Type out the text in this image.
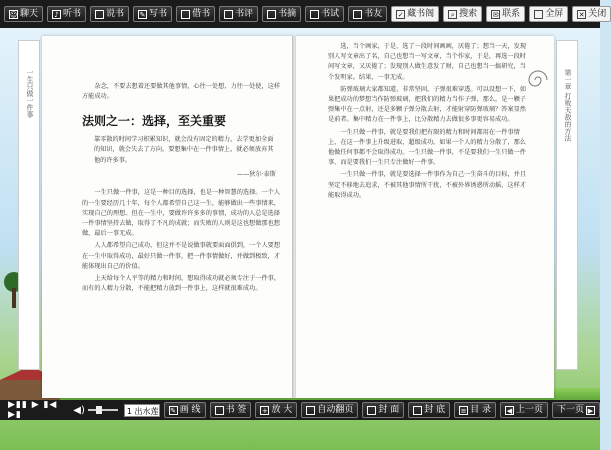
☺ 聊天	♪ 听书	说书 ✎ 写书	借书	书评	书摘	书试	书友 ✓ 藏书阁	⌕ 搜索 ✉ 联系	全屏 ✕ 关闭
一生只做一件事	第一章 打败天敌的方法
杂念，不要去想着还要做其他事情，心往一处想，力往一处使，这样方能成功。
法则之一：选择，至关重要
靠零散的时间学习积累知识，就会没有固定的精力，去学更加全面的知识，就会失去了方向。要想集中在一件事情上，就必须放弃其他的许多事。
——狄尔·泰斯
一生只做一件事，这是一种目的选择，也是一种智慧的选择。一个人的一生要经历几十年，每个人都希望自己这一生，能够做出一些事情来，实现自己的理想。但在一生中，要做许许多多的事情，成功的人总是选择一件事情坚持去做，取得了不凡的成就；而失败的人则是这也想做那也想做，最后一事无成。
人人都希望自己成功，但这并不是说做事就要面面俱到，一个人要想在一生中取得成功，最好只做一件事，把一件事情做好，并做到极致，才能体现出自己的价值。
上天给每个人平等的精力和时间，想取得成功就必须专注于一件事，而有的人精力分散，不能把精力放到一件事上，这样就很难成功。
选，当个画家，于是，选了一段时间画画，厌倦了；想当一天，发现别人写文章出了名，自己也想当一写文章，当个作家，于是，再选一段时间写文章，又厌倦了；发现别人做生意发了财，自己也想当一搞研究，当个发明家。结果，一事无成。
防弹玻璃大家都知道，非常坚固，子弹很难穿透。可以设想一下，如果把成功的梦想当作防弹玻璃，把我们的精力当作子弹，那么，是一颗子弹集中在一点射，还是多颗子弹分散去射，才能射穿防弹玻璃？答案显然是前者。集中精力在一件事上，比分散精力去做很多事更容易成功。
一生只做一件事，就是要我们把有限的精力和时间都用在一件事情上，在这一件事上升级进取，超级成功。如果一个人的精力分散了，那么他做任何事都不会取得成功。一生只做一件事，不是要我们一生只做一件事，而是要我们一生只专注做好一件事。
一生只做一件事，就是要选择一件事作为自己一生奋斗的目标，并且坚定不移地去追求，不被其他事情所干扰，不被外界诱惑所动摇，这样才能取得成功。
▶▮▮ ▶ ▮◀ ▶▮	◀)	1 出水莲 ✎ 画 线	书 签 + 放 大	自动翻页	封 面	封 底 ≡ 目 录 ◀ 上一页 下一页 ▶
